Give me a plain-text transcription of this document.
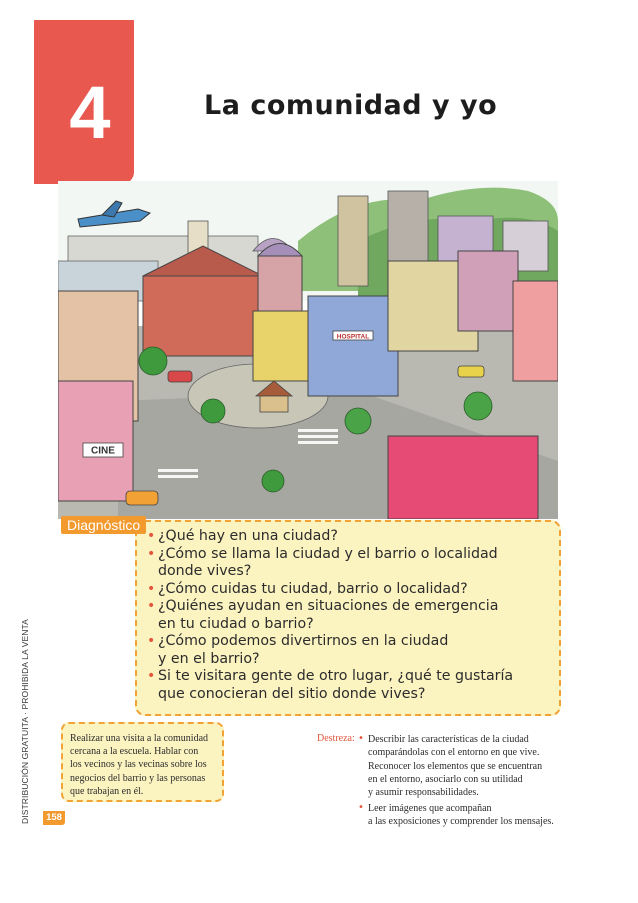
4	La comunidad y yo
HOSPITAL
CINE
• ¿Qué hay en una ciudad?
• ¿Cómo se llama la ciudad y el barrio o localidad
donde vives?
• ¿Cómo cuidas tu ciudad, barrio o localidad?
• ¿Quiénes ayudan en situaciones de emergencia
en tu ciudad o barrio?
• ¿Cómo podemos divertirnos en la ciudad
y en el barrio?
• Si te visitara gente de otro lugar, ¿qué te gustaría
que conocieran del sitio donde vives?
Diagnóstico
DISTRIBUCIÓN GRATUITA · PROHIBIDA LA VENTA	158
Realizar una visita a la comunidad
cercana a la escuela. Hablar con
los vecinos y las vecinas sobre los
negocios del barrio y las personas
que trabajan en él.
Destreza: • Describir las características de la ciudad
comparándolas con el entorno en que vive.
Reconocer los elementos que se encuentran
en el entorno, asociarlo con su utilidad
y asumir responsabilidades.
• Leer imágenes que acompañan
a las exposiciones y comprender los mensajes.
